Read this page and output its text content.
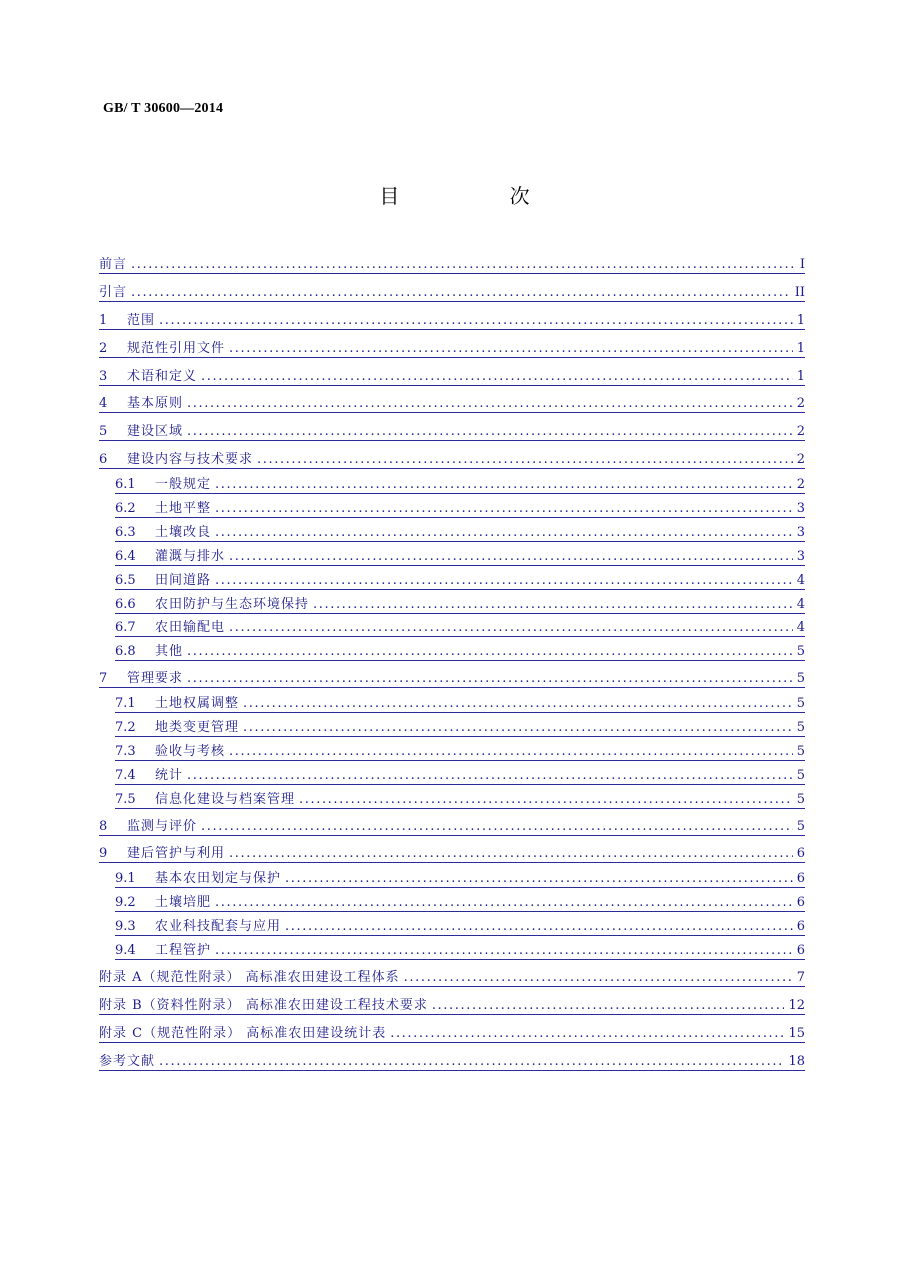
GB/ T 30600—2014
目 次
前言 .....	I
引言 .....	II
1	范围 .....	1
2	规范性引用文件 .....	1
3	术语和定义 .....	1
4	基本原则 .....	2
5	建设区域 .....	2
6	建设内容与技术要求 .....	2
6.1	一般规定 .....	2
6.2	土地平整 .....	3
6.3	土壤改良 .....	3
6.4	灌溉与排水 .....	3
6.5	田间道路 .....	4
6.6	农田防护与生态环境保持 .....	4
6.7	农田输配电 .....	4
6.8	其他 .....	5
7	管理要求 .....	5
7.1	土地权属调整 .....	5
7.2	地类变更管理 .....	5
7.3	验收与考核 .....	5
7.4	统计 .....	5
7.5	信息化建设与档案管理 .....	5
8	监测与评价 .....	5
9	建后管护与利用 .....	6
9.1	基本农田划定与保护 .....	6
9.2	土壤培肥 .....	6
9.3	农业科技配套与应用 .....	6
9.4	工程管护 .....	6
附录 A（规范性附录） 高标准农田建设工程体系 .....	7
附录 B（资料性附录） 高标准农田建设工程技术要求 .....	12
附录 C（规范性附录） 高标准农田建设统计表 .....	15
参考文献 .....	18
